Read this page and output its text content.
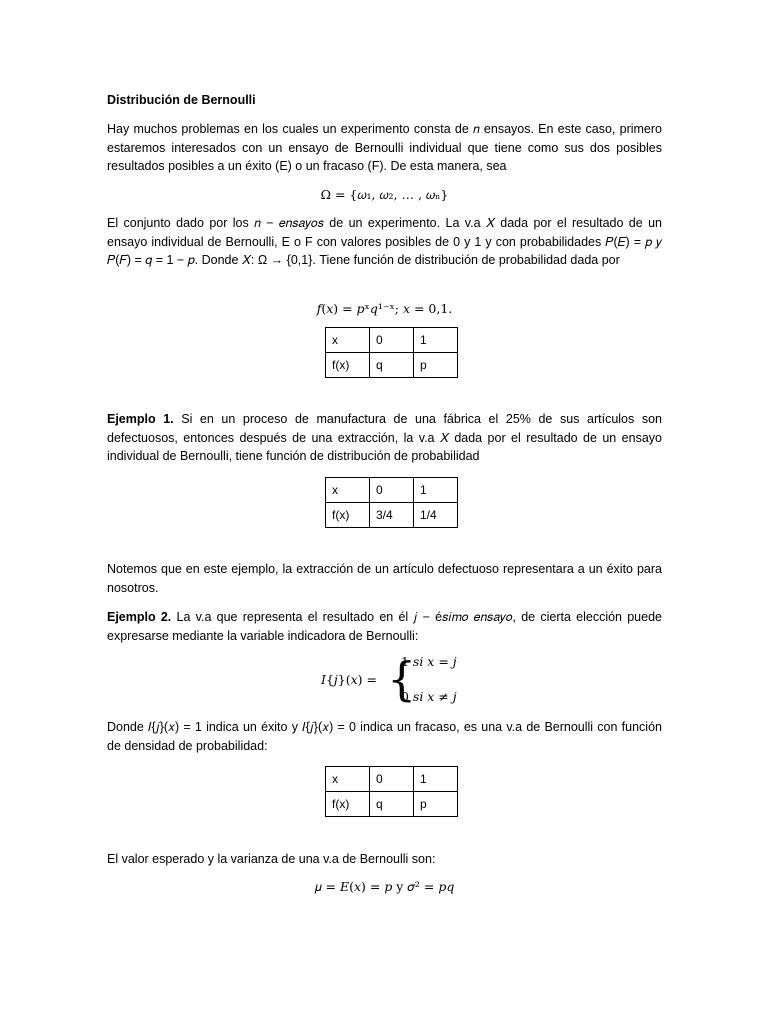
Distribución de Bernoulli

Hay muchos problemas en los cuales un experimento consta de 𝑛 ensayos. En este caso, primero estaremos interesados con un ensayo de Bernoulli individual que tiene como sus dos posibles resultados posibles a un éxito (E) o un fracaso (F). De esta manera, sea

Ω = {𝜔₁, 𝜔₂, … , 𝜔ₙ}

El conjunto dado por los 𝑛 − 𝑒𝑛𝑠𝑎𝑦𝑜𝑠 de un experimento. La v.a 𝑋 dada por el resultado de un ensayo individual de Bernoulli, E o F con valores posibles de 0 y 1 y con probabilidades 𝑃(𝐸) = 𝑝 𝑦 𝑃(𝐹) = 𝑞 = 1 − 𝑝. Donde 𝑋: Ω → {0,1}. Tiene función de distribución de probabilidad dada por

𝑓(𝑥) = 𝑝ˣ𝑞¹⁻ˣ; 𝑥 = 0,1.

x	0	1
f(x)	q	p

Ejemplo 1. Si en un proceso de manufactura de una fábrica el 25% de sus artículos son defectuosos, entonces después de una extracción, la v.a 𝑋 dada por el resultado de un ensayo individual de Bernoulli, tiene función de distribución de probabilidad

x	0	1
f(x)	3/4	1/4

Notemos que en este ejemplo, la extracción de un artículo defectuoso representara a un éxito para nosotros.

Ejemplo 2. La v.a que representa el resultado en él 𝑗 − é𝑠𝑖𝑚𝑜 𝑒𝑛𝑠𝑎𝑦𝑜, de cierta elección puede expresarse mediante la variable indicadora de Bernoulli:

𝐼{𝑗}(𝑥) = {
1 𝑠𝑖 𝑥 = 𝑗
0 𝑠𝑖 𝑥 ≠ 𝑗

Donde 𝐼{𝑗}(𝑥) = 1 indica un éxito y 𝐼{𝑗}(𝑥) = 0 indica un fracaso, es una v.a de Bernoulli con función de densidad de probabilidad:

x	0	1
f(x)	q	p

El valor esperado y la varianza de una v.a de Bernoulli son:

𝜇 = 𝐸(𝑥) = 𝑝 y 𝜎² = 𝑝𝑞
